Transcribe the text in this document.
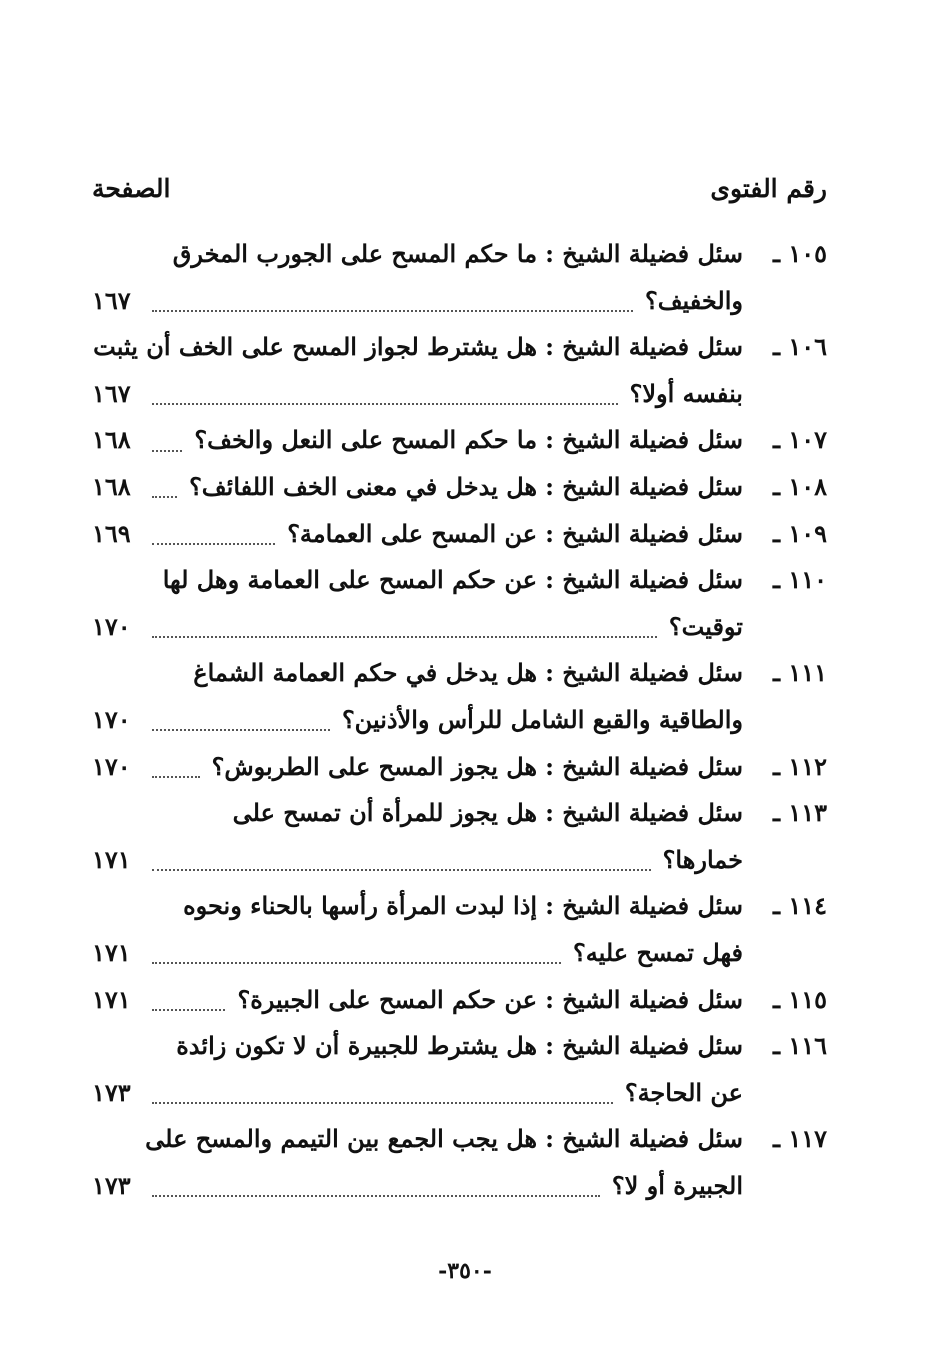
رقم الفتوى
الصفحة
١٠٥ ـ
سئل فضيلة الشيخ :ما حكم المسح على الجورب المخرق
والخفيف؟
١٦٧
١٠٦ ـ
سئل فضيلة الشيخ :هل يشترط لجواز المسح على الخف أن يثبت
بنفسه أولا؟
١٦٧
١٠٧ ـ
سئل فضيلة الشيخ :ما حكم المسح على النعل والخف؟
١٦٨
١٠٨ ـ
سئل فضيلة الشيخ :هل يدخل في معنى الخف اللفائف؟
١٦٨
١٠٩ ـ
سئل فضيلة الشيخ :عن المسح على العمامة؟
١٦٩
١١٠ ـ
سئل فضيلة الشيخ :عن حكم المسح على العمامة وهل لها
توقيت؟
١٧٠
١١١ ـ
سئل فضيلة الشيخ :هل يدخل في حكم العمامة الشماغ
والطاقية والقبع الشامل للرأس والأذنين؟
١٧٠
١١٢ ـ
سئل فضيلة الشيخ :هل يجوز المسح على الطربوش؟
١٧٠
١١٣ ـ
سئل فضيلة الشيخ :هل يجوز للمرأة أن تمسح على
خمارها؟
١٧١
١١٤ ـ
سئل فضيلة الشيخ :إذا لبدت المرأة رأسها بالحناء ونحوه
فهل تمسح عليه؟
١٧١
١١٥ ـ
سئل فضيلة الشيخ :عن حكم المسح على الجبيرة؟
١٧١
١١٦ ـ
سئل فضيلة الشيخ :هل يشترط للجبيرة أن لا تكون زائدة
عن الحاجة؟
١٧٣
١١٧ ـ
سئل فضيلة الشيخ :هل يجب الجمع بين التيمم والمسح على
الجبيرة أو لا؟
١٧٣
-٣٥٠-
